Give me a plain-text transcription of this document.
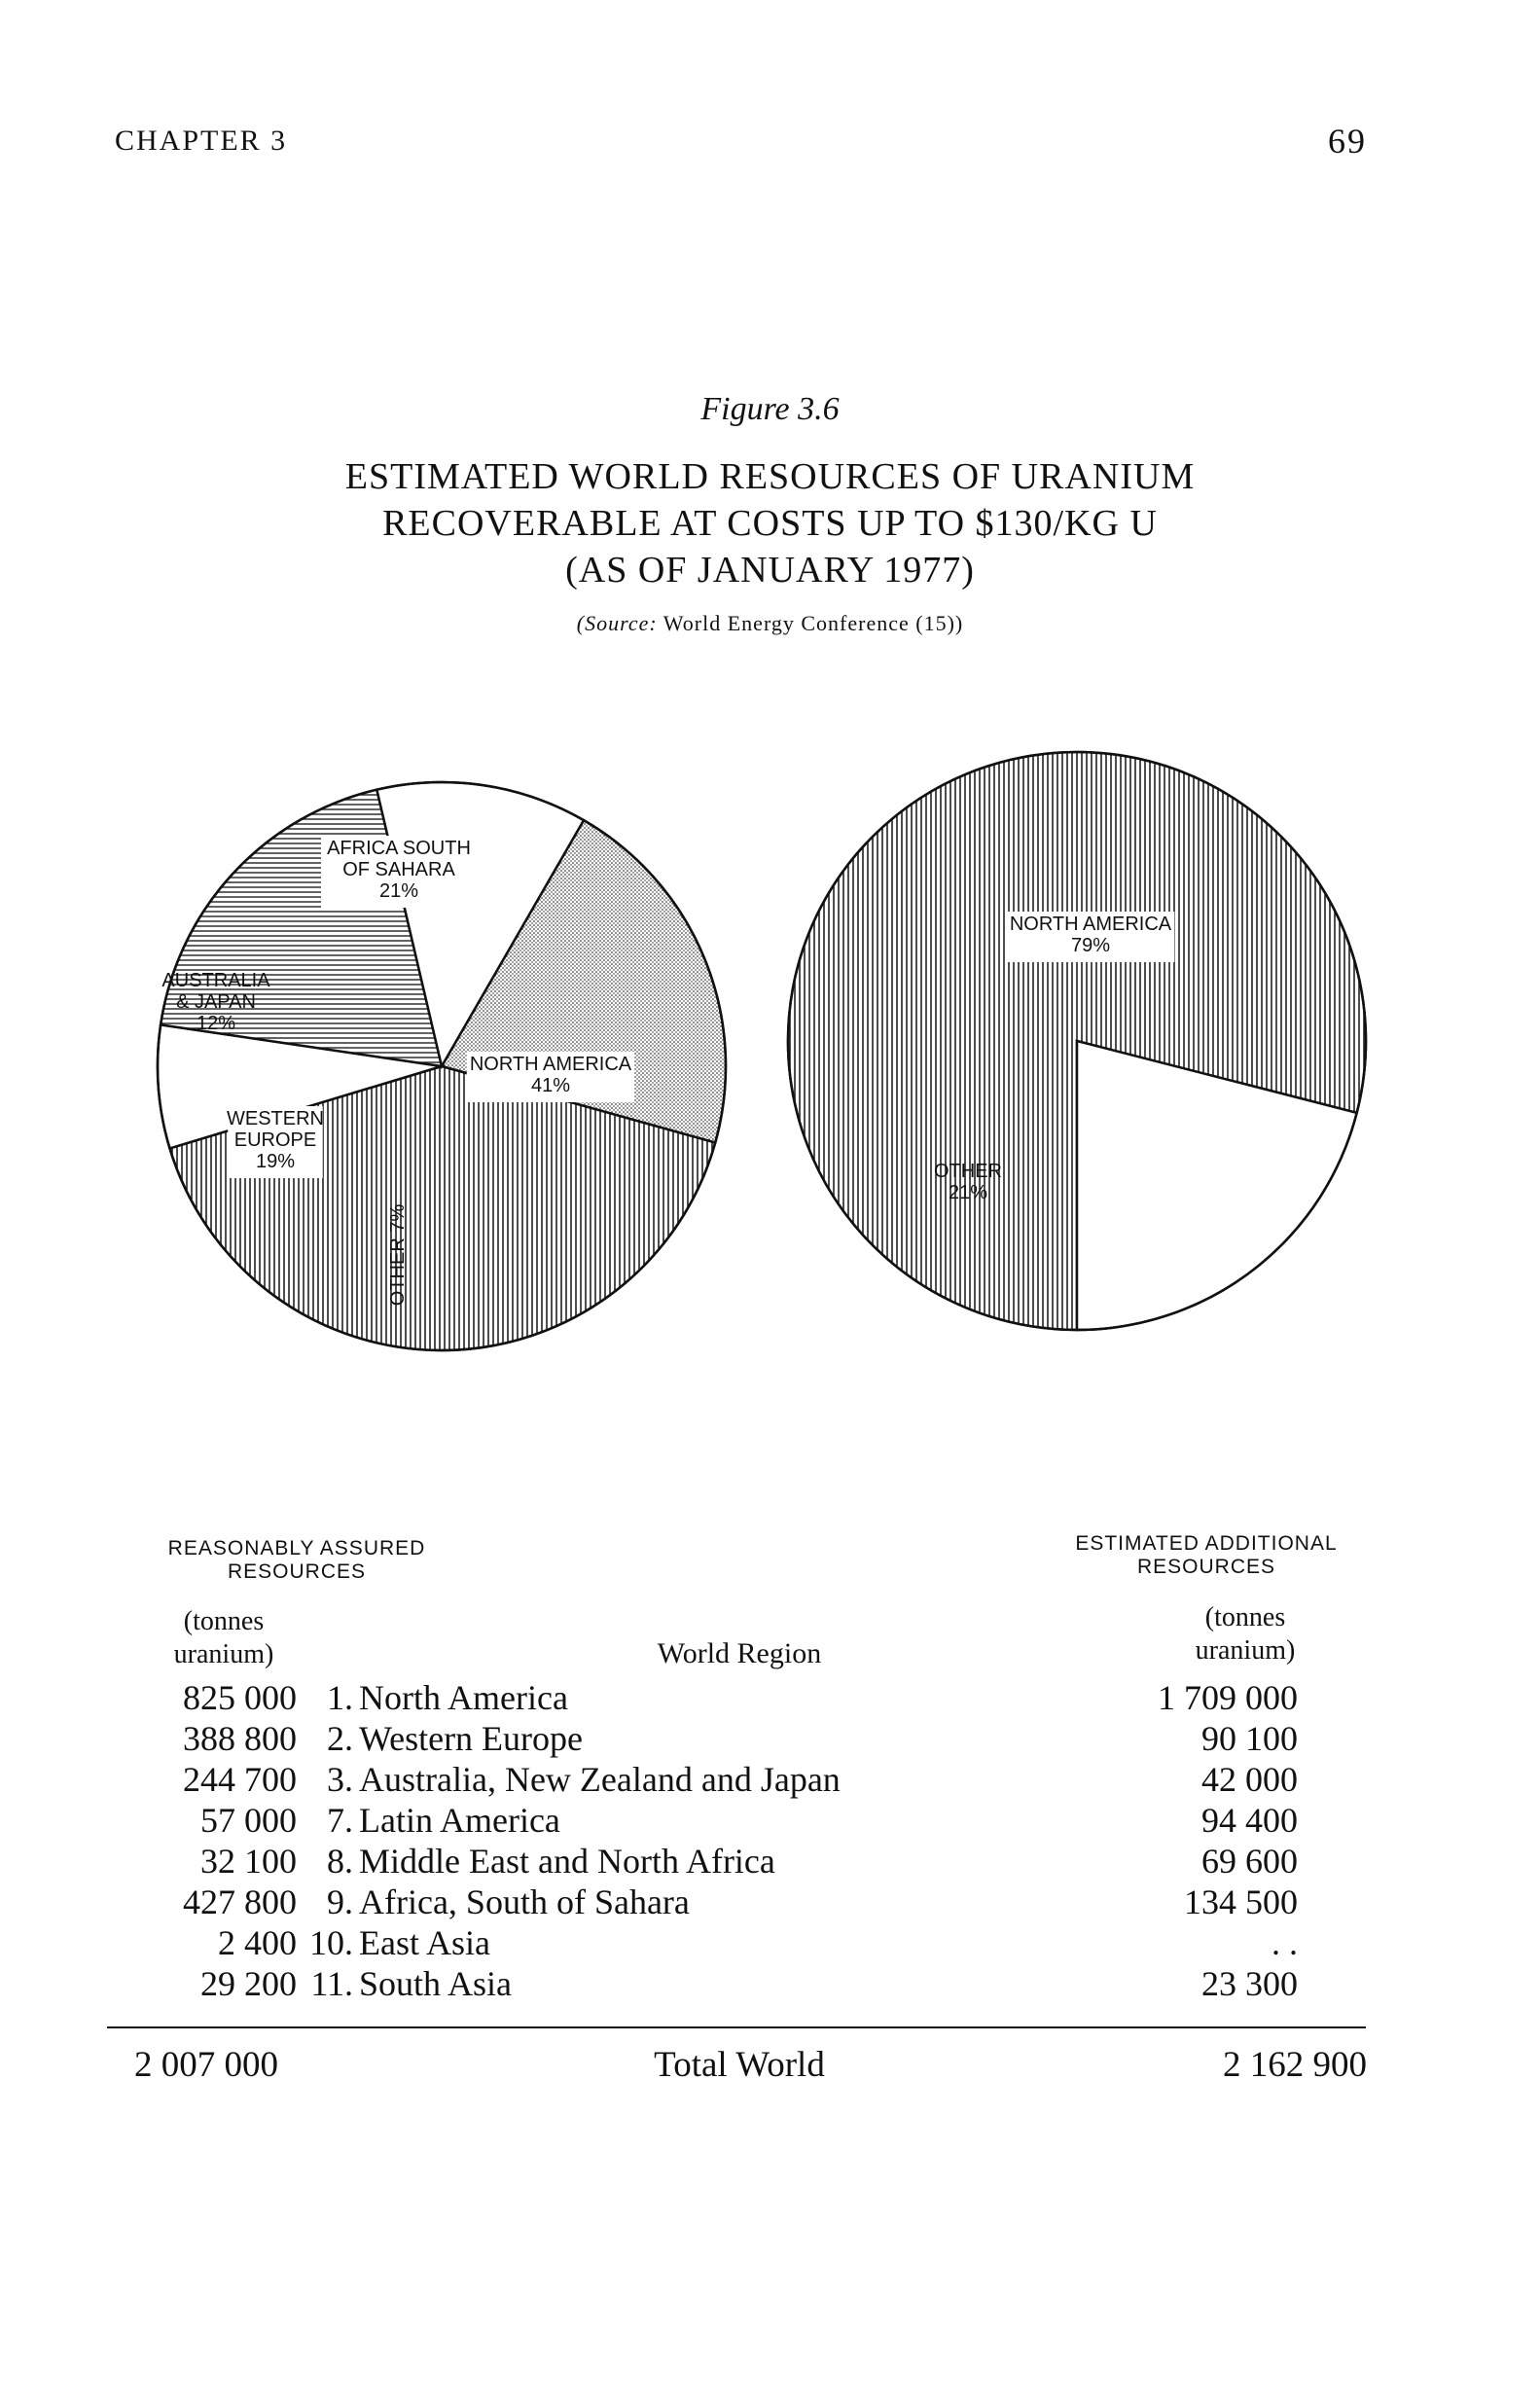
CHAPTER 3	69
Figure 3.6
ESTIMATED WORLD RESOURCES OF URANIUM
RECOVERABLE AT COSTS UP TO $130/KG U
(AS OF JANUARY 1977)
(Source: World Energy Conference (15))
AFRICA SOUTH
OF SAHARA
21%
NORTH AMERICA
41%
OTHER 7%
WESTERN
EUROPE
19%
AUSTRALIA
& JAPAN
12%
NORTH AMERICA
79%
OTHER
21%
REASONABLY ASSURED
RESOURCES
ESTIMATED ADDITIONAL
RESOURCES
(tonnes
uranium)
(tonnes
uranium)
World Region
825 000	1.	North America	1 709 000
388 800	2.	Western Europe	90 100
244 700	3.	Australia, New Zealand and Japan	42 000
57 000	7.	Latin America	94 400
32 100	8.	Middle East and North Africa	69 600
427 800	9.	Africa, South of Sahara	134 500
2 400	10.	East Asia	. .
29 200	11.	South Asia	23 300
2 007 000	Total World	2 162 900
